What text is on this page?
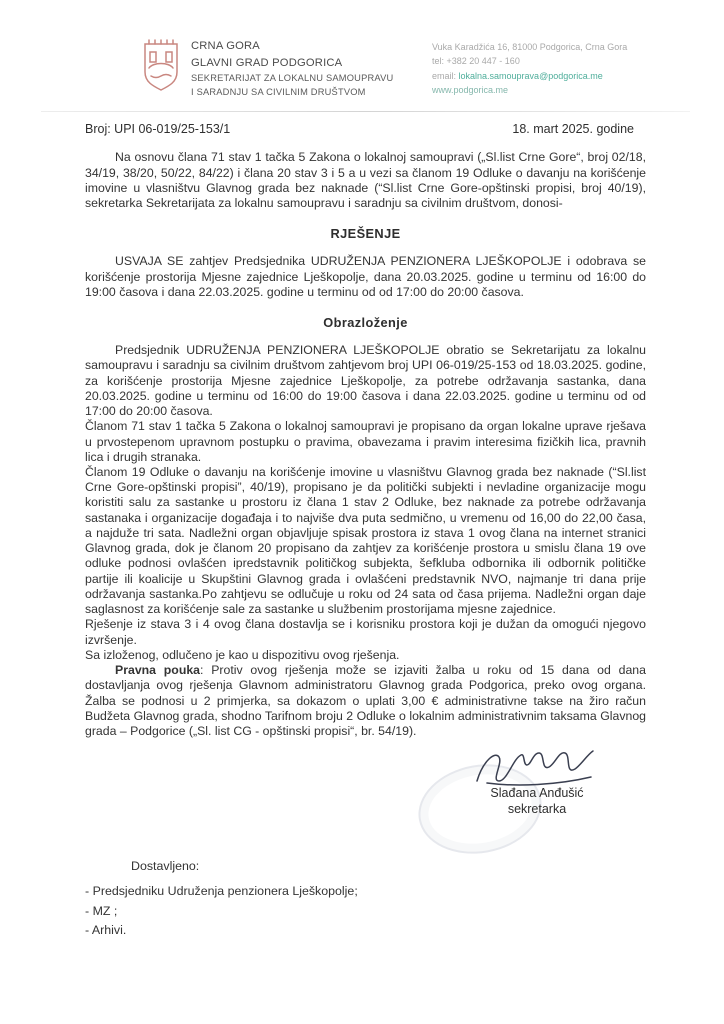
CRNA GORA
GLAVNI GRAD PODGORICA
SEKRETARIJAT ZA LOKALNU SAMOUPRAVU
I SARADNJU SA CIVILNIM DRUŠTVOM
Vuka Karadžića 16, 81000 Podgorica, Crna Gora
tel: +382 20 447 - 160
email: lokalna.samouprava@podgorica.me
www.podgorica.me
Broj: UPI 06-019/25-153/1	18. mart 2025. godine

Na osnovu člana 71 stav 1 tačka 5 Zakona o lokalnoj samoupravi („Sl.list Crne Gore“, broj 02/18, 34/19, 38/20, 50/22, 84/22) i člana 20 stav 3 i 5 a u vezi sa članom 19 Odluke o davanju na korišćenje imovine u vlasništvu Glavnog grada bez naknade (“Sl.list Crne Gore-opštinski propisi, broj 40/19), sekretarka Sekretarijata za lokalnu samoupravu i saradnju sa civilnim društvom, donosi-

RJEŠENJE

USVAJA SE zahtjev Predsjednika UDRUŽENJA PENZIONERA LJEŠKOPOLJE i odobrava se korišćenje prostorija Mjesne zajednice Lješkopolje, dana 20.03.2025. godine u terminu od 16:00 do 19:00 časova i dana 22.03.2025. godine u terminu od od 17:00 do 20:00 časova.

Obrazloženje

Predsjednik UDRUŽENJA PENZIONERA LJEŠKOPOLJE obratio se Sekretarijatu za lokalnu samoupravu i saradnju sa civilnim društvom zahtjevom broj UPI 06-019/25-153 od 18.03.2025. godine, za korišćenje prostorija Mjesne zajednice Lješkopolje, za potrebe održavanja sastanka, dana 20.03.2025. godine u terminu od 16:00 do 19:00 časova i dana 22.03.2025. godine u terminu od od 17:00 do 20:00 časova.

Članom 71 stav 1 tačka 5 Zakona o lokalnoj samoupravi je propisano da organ lokalne uprave rješava u prvostepenom upravnom postupku o pravima, obavezama i pravim interesima fizičkih lica, pravnih lica i drugih stranaka.

Članom 19 Odluke o davanju na korišćenje imovine u vlasništvu Glavnog grada bez naknade (“Sl.list Crne Gore-opštinski propisi”, 40/19), propisano je da politički subjekti i nevladine organizacije mogu koristiti salu za sastanke u prostoru iz člana 1 stav 2 Odluke, bez naknade za potrebe održavanja sastanaka i organizacije događaja i to najviše dva puta sedmično, u vremenu od 16,00 do 22,00 časa, a najduže tri sata. Nadležni organ objavljuje spisak prostora iz stava 1 ovog člana na internet stranici Glavnog grada, dok je članom 20 propisano da zahtjev za korišćenje prostora u smislu člana 19 ove odluke podnosi ovlašćen ipredstavnik političkog subjekta, šefkluba odbornika ili odbornik političke partije ili koalicije u Skupštini Glavnog grada i ovlašćeni predstavnik NVO, najmanje tri dana prije održavanja sastanka.Po zahtjevu se odlučuje u roku od 24 sata od časa prijema. Nadležni organ daje saglasnost za korišćenje sale za sastanke u službenim prostorijama mjesne zajednice.

Rješenje iz stava 3 i 4 ovog člana dostavlja se i korisniku prostora koji je dužan da omogući njegovo izvršenje.

Sa izloženog, odlučeno je kao u dispozitivu ovog rješenja.

Pravna pouka: Protiv ovog rješenja može se izjaviti žalba u roku od 15 dana od dana dostavljanja ovog rješenja Glavnom administratoru Glavnog grada Podgorica, preko ovog organa. Žalba se podnosi u 2 primjerka, sa dokazom o uplati 3,00 € administrativne takse na žiro račun Budžeta Glavnog grada, shodno Tarifnom broju 2 Odluke o lokalnim administrativnim taksama Glavnog grada – Podgorice („Sl. list CG - opštinski propisi“, br. 54/19).

Slađana Anđušić
sekretarka
Dostavljeno:
- Predsjedniku Udruženja penzionera Lješkopolje;
- MZ ;
- Arhivi.
